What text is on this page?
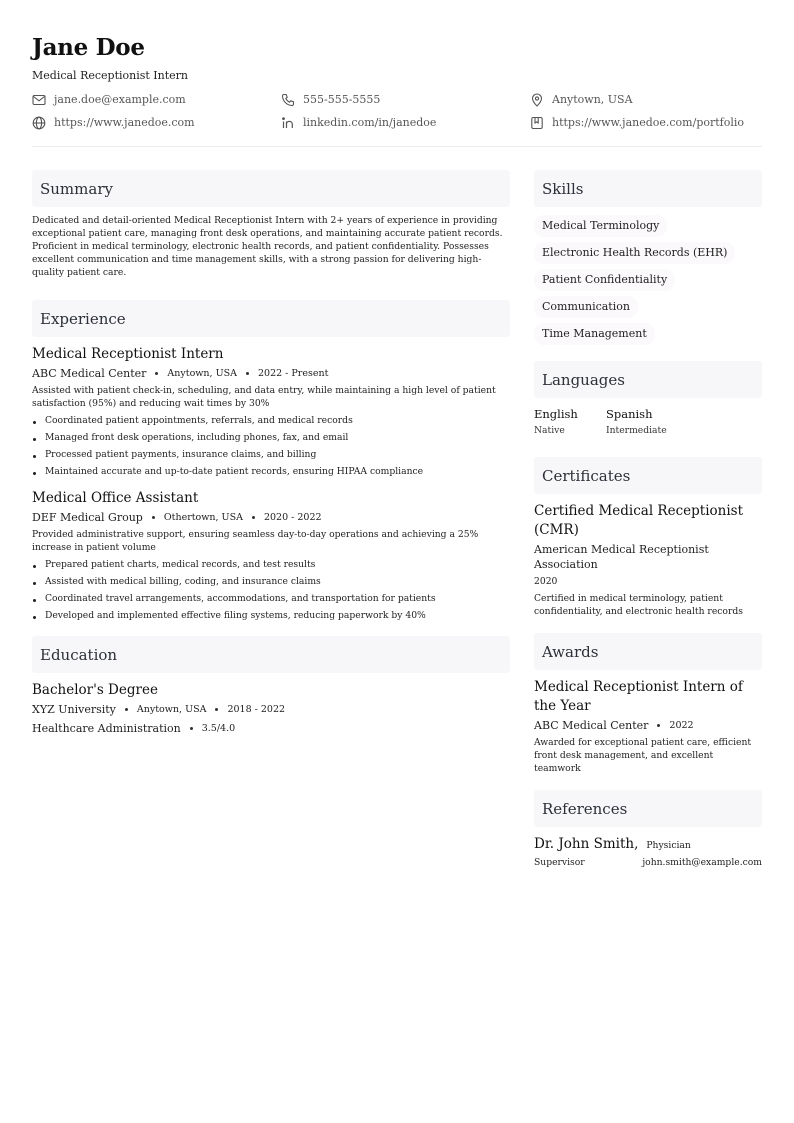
Jane Doe
Medical Receptionist Intern
jane.doe@example.com	555-555-5555	Anytown, USA
https://www.janedoe.com	linkedin.com/in/janedoe	https://www.janedoe.com/portfolio
Summary

Dedicated and detail-oriented Medical Receptionist Intern with 2+ years of experience in providing exceptional patient care, managing front desk operations, and maintaining accurate patient records. Proficient in medical terminology, electronic health records, and patient confidentiality. Possesses excellent communication and time management skills, with a strong passion for delivering high-quality patient care.

Experience
Medical Receptionist Intern
ABC Medical Center Anytown, USA 2022 - Present

Assisted with patient check-in, scheduling, and data entry, while maintaining a high level of patient satisfaction (95%) and reducing wait times by 30%

Coordinated patient appointments, referrals, and medical records
Managed front desk operations, including phones, fax, and email
Processed patient payments, insurance claims, and billing
Maintained accurate and up-to-date patient records, ensuring HIPAA compliance
Medical Office Assistant
DEF Medical Group Othertown, USA 2020 - 2022

Provided administrative support, ensuring seamless day-to-day operations and achieving a 25% increase in patient volume

Prepared patient charts, medical records, and test results
Assisted with medical billing, coding, and insurance claims
Coordinated travel arrangements, accommodations, and transportation for patients
Developed and implemented effective filing systems, reducing paperwork by 40%
Education
Bachelor's Degree
XYZ University Anytown, USA 2018 - 2022
Healthcare Administration 3.5/4.0
Skills
Medical Terminology
Electronic Health Records (EHR)
Patient Confidentiality
Communication
Time Management
Languages
English
Native
Spanish
Intermediate
Certificates
Certified Medical Receptionist (CMR)
American Medical Receptionist Association
2020
Certified in medical terminology, patient confidentiality, and electronic health records
Awards
Medical Receptionist Intern of the Year
ABC Medical Center 2022
Awarded for exceptional patient care, efficient front desk management, and excellent teamwork
References
Dr. John Smith, Physician
Supervisor	john.smith@example.com
